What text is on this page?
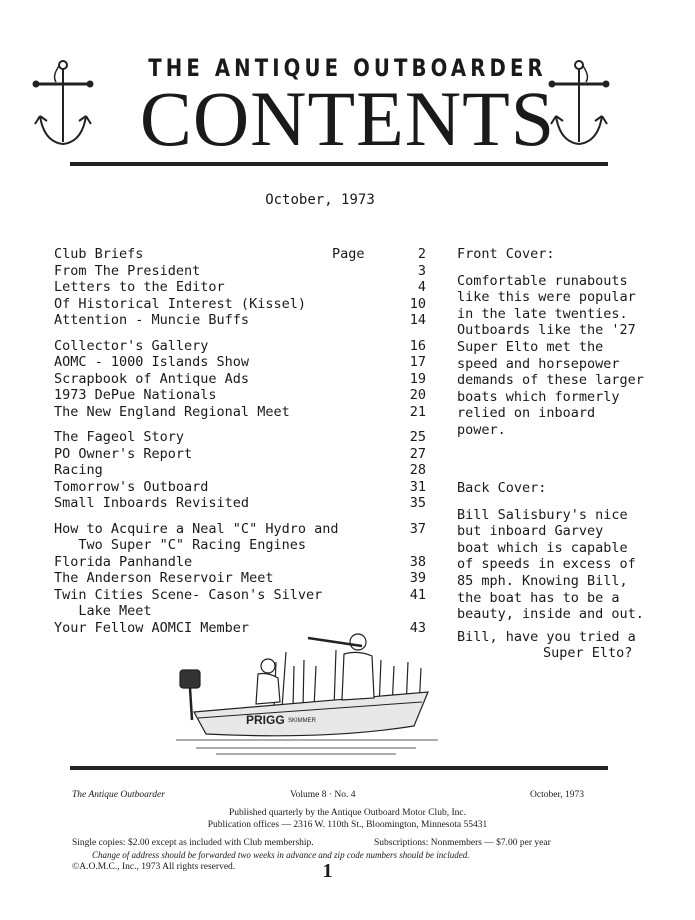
THE ANTIQUE OUTBOARDER
CONTENTS
October, 1973
Club Briefs	Page	2
From The President	3
Letters to the Editor	4
Of Historical Interest (Kissel)	10
Attention - Muncie Buffs	14
Collector's Gallery	16
AOMC - 1000 Islands Show	17
Scrapbook of Antique Ads	19
1973 DePue Nationals	20
The New England Regional Meet	21
The Fageol Story	25
PO Owner's Report	27
Racing	28
Tomorrow's Outboard	31
Small Inboards Revisited	35
How to Acquire a Neal "C" Hydro and	37
Two Super "C" Racing Engines
Florida Panhandle	38
The Anderson Reservoir Meet	39
Twin Cities Scene- Cason's Silver	41
Lake Meet
Your Fellow AOMCI Member	43
Front Cover:
Comfortable runabouts
like this were popular
in the late twenties.
Outboards like the '27
Super Elto met the
speed and horsepower
demands of these larger
boats which formerly
relied on inboard
power.
Back Cover:
Bill Salisbury's nice
but inboard Garvey
boat which is capable
of speeds in excess of
85 mph. Knowing Bill,
the boat has to be a
beauty, inside and out.
Bill, have you tried a
Super Elto?
PRIGG SKIMMER
The Antique Outboarder	Volume 8 · No. 4	October, 1973
Published quarterly by the Antique Outboard Motor Club, Inc.
Publication offices — 2316 W. 110th St., Bloomington, Minnesota 55431
Single copies: $2.00 except as included with Club membership.	Subscriptions: Nonmembers — $7.00 per year
Change of address should be forwarded two weeks in advance and zip code numbers should be included.
©A.O.M.C., Inc., 1973 All rights reserved.	1
